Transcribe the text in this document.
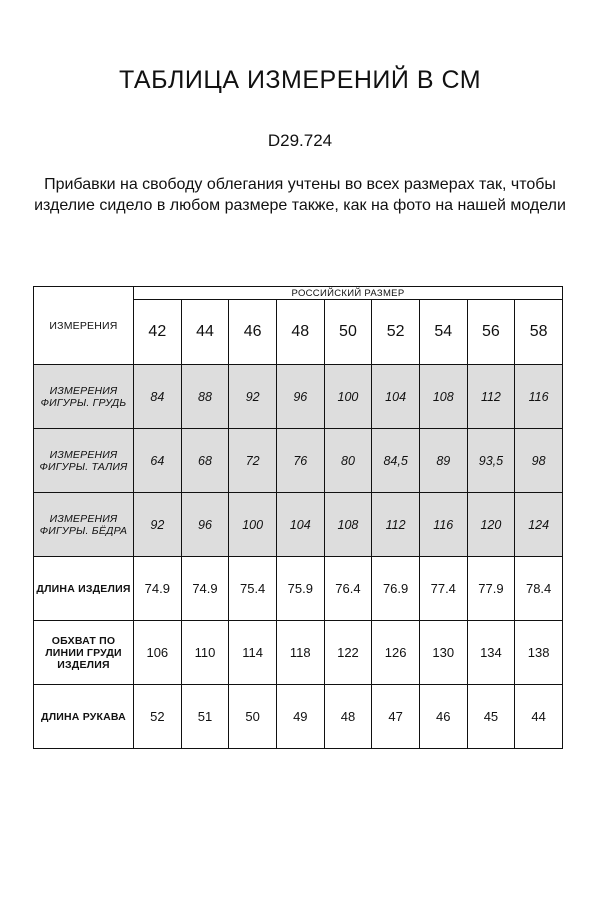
ТАБЛИЦА ИЗМЕРЕНИЙ В СМ

D29.724

Прибавки на свободу облегания учтены во всех размерах так, чтобы изделие сидело в любом размере также, как на фото на нашей модели

ИЗМЕРЕНИЯ	РОССИЙСКИЙ РАЗМЕР								
	42	44	46	48	50	52	54	56	58
ИЗМЕРЕНИЯ ФИГУРЫ. ГРУДЬ	84	88	92	96	100	104	108	112	116
ИЗМЕРЕНИЯ ФИГУРЫ. ТАЛИЯ	64	68	72	76	80	84,5	89	93,5	98
ИЗМЕРЕНИЯ ФИГУРЫ. БЁДРА	92	96	100	104	108	112	116	120	124
ДЛИНА ИЗДЕЛИЯ	74.9	74.9	75.4	75.9	76.4	76.9	77.4	77.9	78.4
ОБХВАТ ПО ЛИНИИ ГРУДИ ИЗДЕЛИЯ	106	110	114	118	122	126	130	134	138
ДЛИНА РУКАВА	52	51	50	49	48	47	46	45	44
